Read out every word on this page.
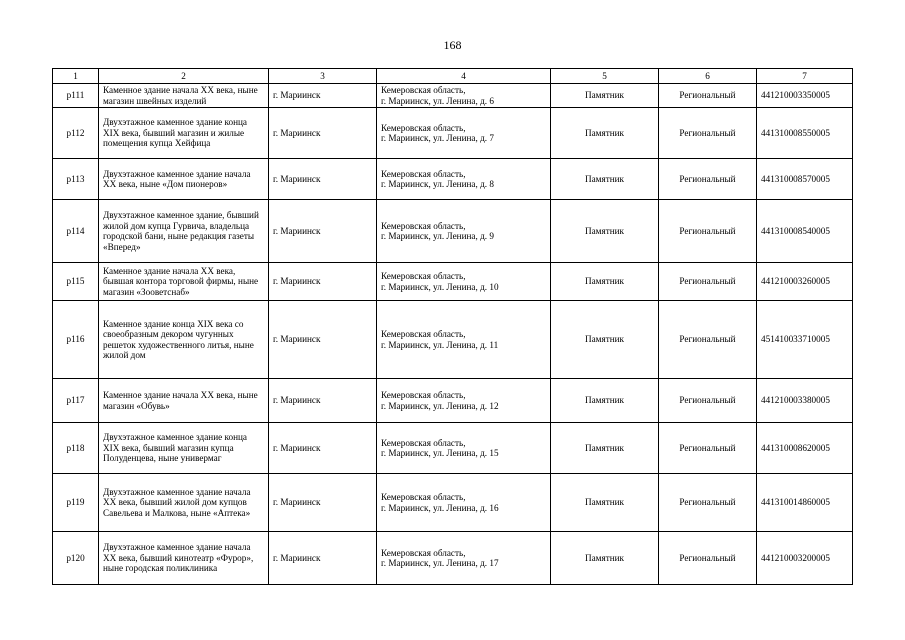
168
1	2	3	4	5	6	7
р111	Каменное здание начала XX века, ныне магазин швейных изделий	г. Мариинск	Кемеровская область,
г. Мариинск, ул. Ленина, д. 6	Памятник	Региональный	441210003350005
р112	Двухэтажное каменное здание конца XIX века, бывший магазин и жилые помещения купца Хейфица	г. Мариинск	Кемеровская область,
г. Мариинск, ул. Ленина, д. 7	Памятник	Региональный	441310008550005
р113	Двухэтажное каменное здание начала XX века, ныне «Дом пионеров»	г. Мариинск	Кемеровская область,
г. Мариинск, ул. Ленина, д. 8	Памятник	Региональный	441310008570005
р114	Двухэтажное каменное здание, бывший жилой дом купца Гурвича, владельца городской бани, ныне редакция газеты «Вперед»	г. Мариинск	Кемеровская область,
г. Мариинск, ул. Ленина, д. 9	Памятник	Региональный	441310008540005
р115	Каменное здание начала XX века, бывшая контора торговой фирмы, ныне магазин «Зооветснаб»	г. Мариинск	Кемеровская область,
г. Мариинск, ул. Ленина, д. 10	Памятник	Региональный	441210003260005
р116	Каменное здание конца XIX века со своеобразным декором чугунных решеток художественного литья, ныне жилой дом	г. Мариинск	Кемеровская область,
г. Мариинск, ул. Ленина, д. 11	Памятник	Региональный	451410033710005
р117	Каменное здание начала XX века, ныне магазин «Обувь»	г. Мариинск	Кемеровская область,
г. Мариинск, ул. Ленина, д. 12	Памятник	Региональный	441210003380005
р118	Двухэтажное каменное здание конца XIX века, бывший магазин купца Полуденцева, ныне универмаг	г. Мариинск	Кемеровская область,
г. Мариинск, ул. Ленина, д. 15	Памятник	Региональный	441310008620005
р119	Двухэтажное каменное здание начала XX века, бывший жилой дом купцов Савельева и Малкова, ныне «Аптека»	г. Мариинск	Кемеровская область,
г. Мариинск, ул. Ленина, д. 16	Памятник	Региональный	441310014860005
р120	Двухэтажное каменное здание начала XX века, бывший кинотеатр «Фурор», ныне городская поликлиника	г. Мариинск	Кемеровская область,
г. Мариинск, ул. Ленина, д. 17	Памятник	Региональный	441210003200005
